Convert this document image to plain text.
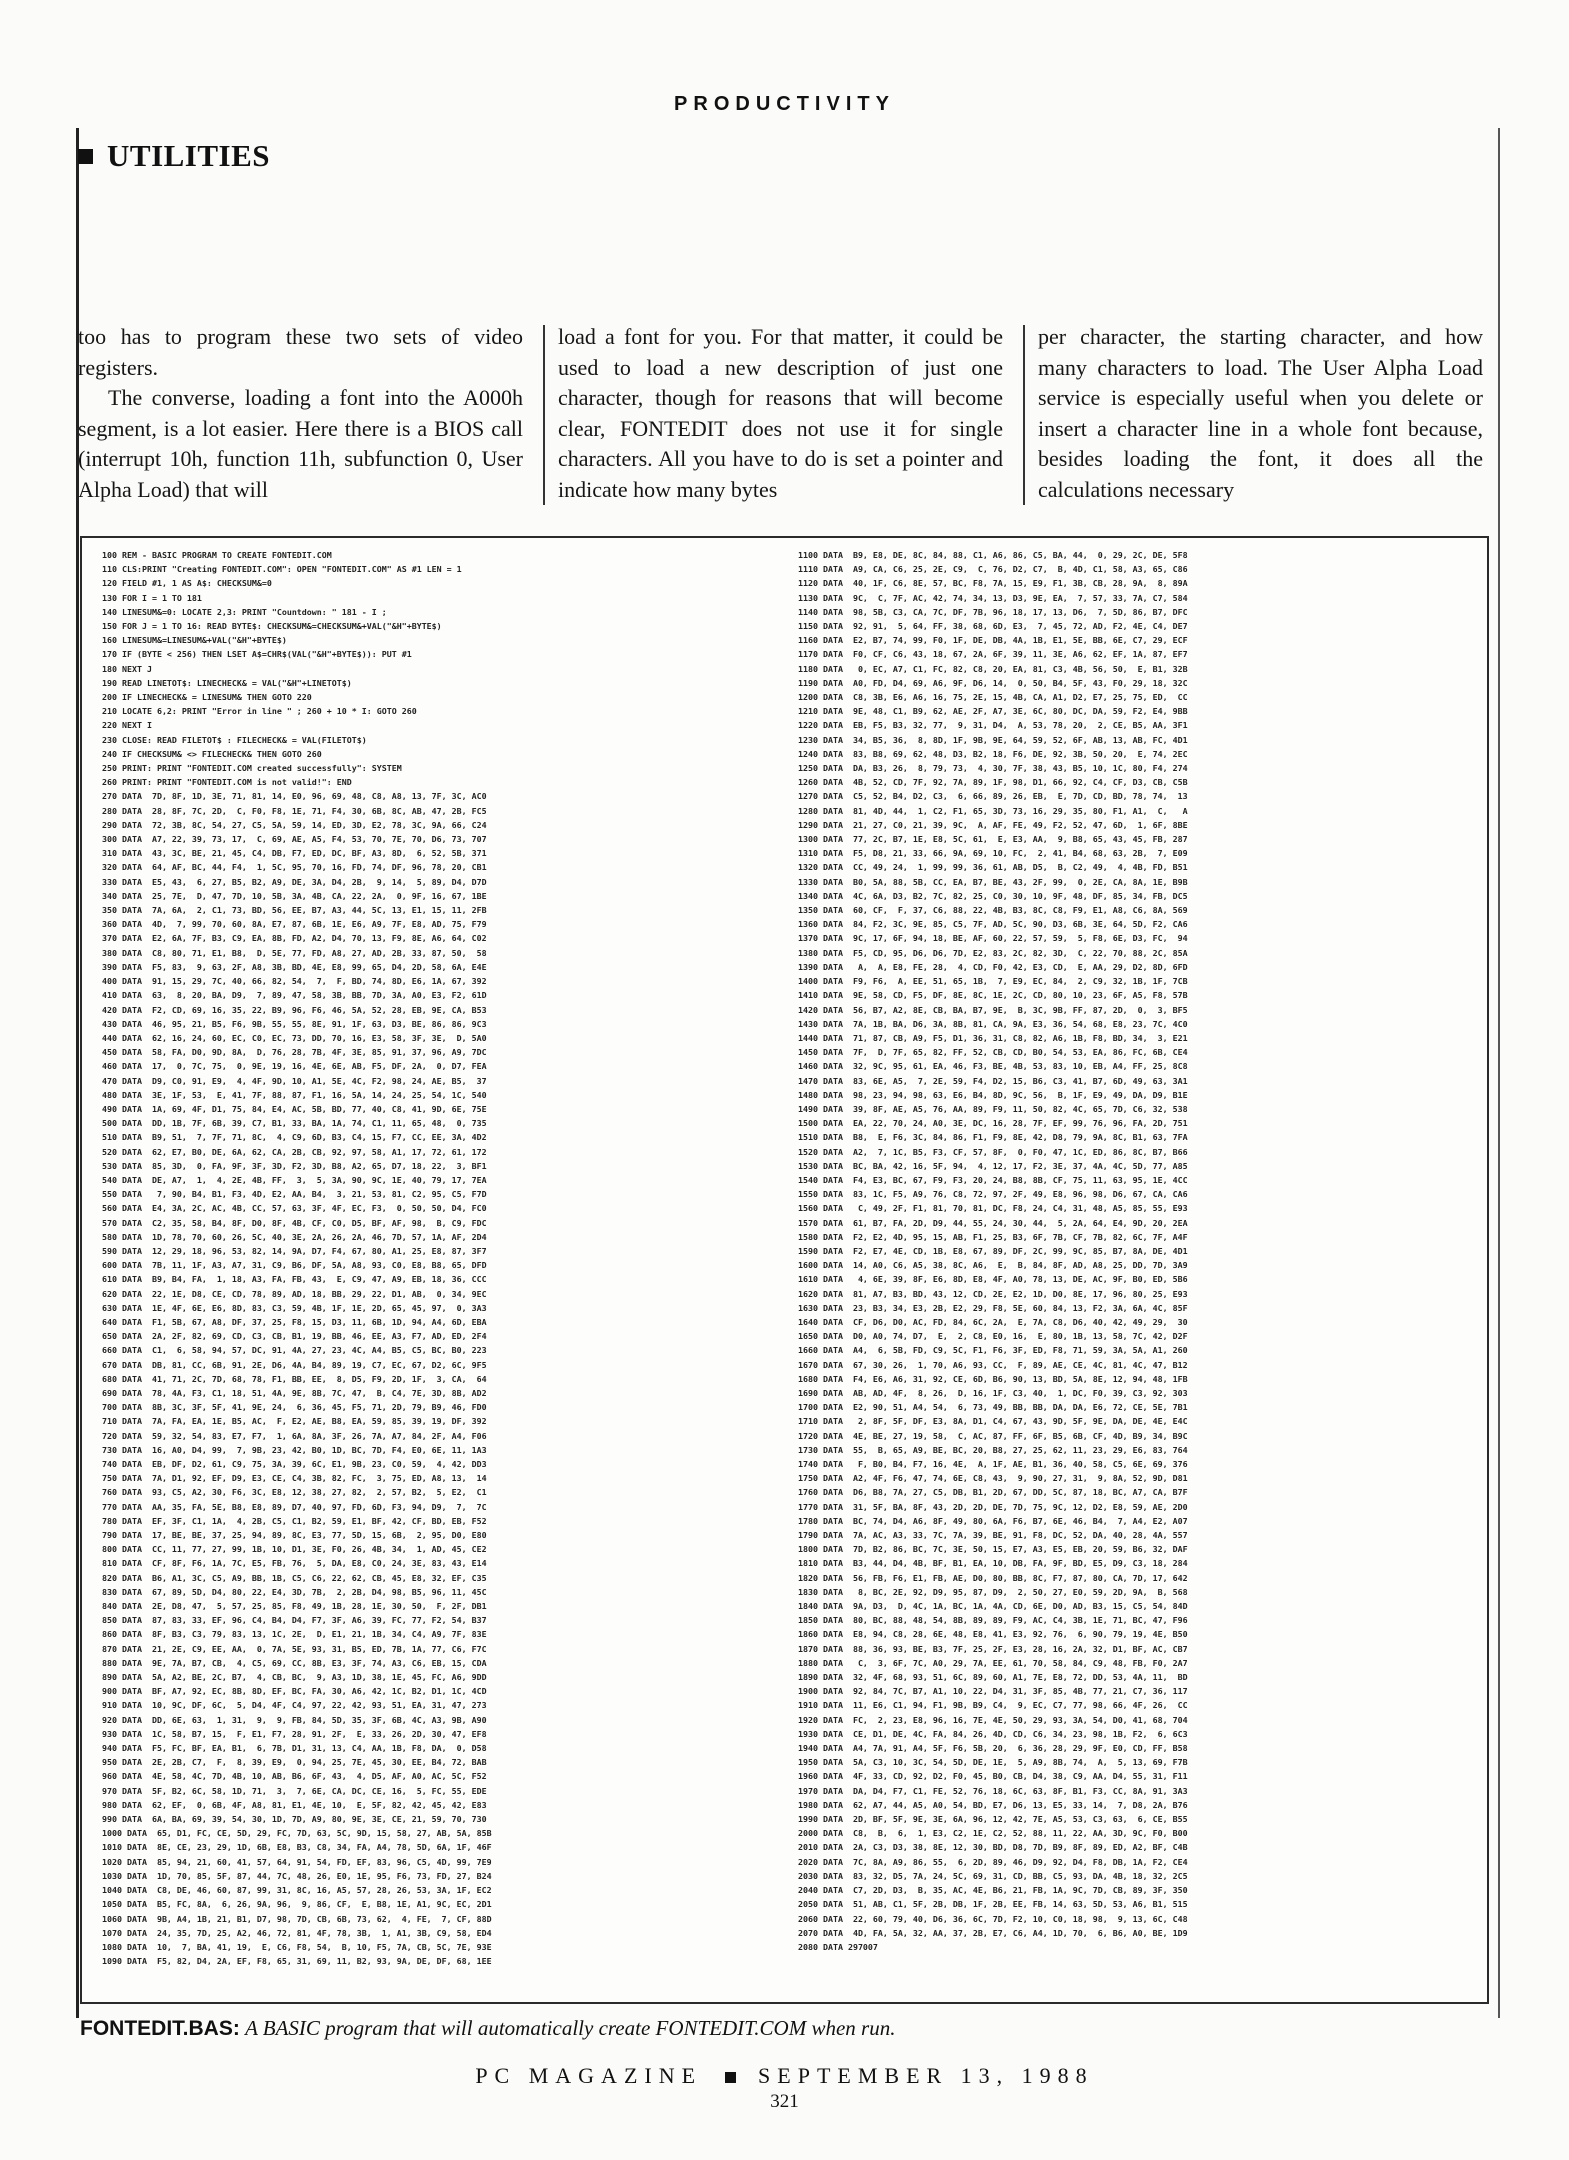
PRODUCTIVITY
UTILITIES

too has to program these two sets of video registers.

The converse, loading a font into the A000h segment, is a lot easier. Here there is a BIOS call (interrupt 10h, function 11h, subfunction 0, User Alpha Load) that will

load a font for you. For that matter, it could be used to load a new description of just one character, though for reasons that will become clear, FONTEDIT does not use it for single characters. All you have to do is set a pointer and indicate how many bytes

per character, the starting character, and how many characters to load. The User Alpha Load service is especially useful when you delete or insert a character line in a whole font because, besides loading the font, it does all the calculations necessary

100 REM - BASIC PROGRAM TO CREATE FONTEDIT.COM
110 CLS:PRINT "Creating FONTEDIT.COM": OPEN "FONTEDIT.COM" AS #1 LEN = 1
120 FIELD #1, 1 AS A$: CHECKSUM&=0
130 FOR I = 1 TO 181
140 LINESUM&=0: LOCATE 2,3: PRINT "Countdown: " 181 - I ;
150 FOR J = 1 TO 16: READ BYTE$: CHECKSUM&=CHECKSUM&+VAL("&H"+BYTE$)
160 LINESUM&=LINESUM&+VAL("&H"+BYTE$)
170 IF (BYTE < 256) THEN LSET A$=CHR$(VAL("&H"+BYTE$)): PUT #1
180 NEXT J
190 READ LINETOT$: LINECHECK& = VAL("&H"+LINETOT$)
200 IF LINECHECK& = LINESUM& THEN GOTO 220
210 LOCATE 6,2: PRINT "Error in line " ; 260 + 10 * I: GOTO 260
220 NEXT I
230 CLOSE: READ FILETOT$ : FILECHECK& = VAL(FILETOT$)
240 IF CHECKSUM& <> FILECHECK& THEN GOTO 260
250 PRINT: PRINT "FONTEDIT.COM created successfully": SYSTEM
260 PRINT: PRINT "FONTEDIT.COM is not valid!": END
270 DATA  7D, 8F, 1D, 3E, 71, 81, 14, E0, 96, 69, 48, C8, A8, 13, 7F, 3C, AC0
280 DATA  28, 8F, 7C, 2D,  C, F0, F8, 1E, 71, F4, 30, 6B, 8C, AB, 47, 2B, FC5
290 DATA  72, 3B, 8C, 54, 27, C5, 5A, 59, 14, ED, 3D, E2, 78, 3C, 9A, 66, C24
300 DATA  A7, 22, 39, 73, 17,  C, 69, AE, A5, F4, 53, 70, 7E, 70, D6, 73, 707
310 DATA  43, 3C, BE, 21, 45, C4, DB, F7, ED, DC, BF, A3, 8D,  6, 52, 5B, 371
320 DATA  64, AF, BC, 44, F4,  1, 5C, 95, 70, 16, FD, 74, DF, 96, 78, 20, CB1
330 DATA  E5, 43,  6, 27, B5, B2, A9, DE, 3A, D4, 2B,  9, 14,  5, 89, D4, D7D
340 DATA  25, 7E,  D, 47, 7D, 10, 5B, 3A, 4B, CA, 22, 2A,  0, 9F, 16, 67, 1BE
350 DATA  7A, 6A,  2, C1, 73, BD, 56, EE, B7, A3, 44, 5C, 13, E1, 15, 11, 2FB
360 DATA  4D,  7, 99, 70, 60, 8A, E7, 87, 6B, 1E, E6, A9, 7F, E8, AD, 75, F79
370 DATA  E2, 6A, 7F, B3, C9, EA, 8B, FD, A2, D4, 70, 13, F9, 8E, A6, 64, C02
380 DATA  C8, 80, 71, E1, B8,  D, 5E, 77, FD, A8, 27, AD, 2B, 33, 87, 50,  58
390 DATA  F5, 83,  9, 63, 2F, A8, 3B, BD, 4E, E8, 99, 65, D4, 2D, 58, 6A, E4E
400 DATA  91, 15, 29, 7C, 40, 66, 82, 54,  7,  F, BD, 74, 8D, E6, 1A, 67, 392
410 DATA  63,  8, 20, BA, D9,  7, 89, 47, 58, 3B, BB, 7D, 3A, A0, E3, F2, 61D
420 DATA  F2, CD, 69, 16, 35, 22, B9, 96, F6, 46, 5A, 52, 28, EB, 9E, CA, B53
430 DATA  46, 95, 21, B5, F6, 9B, 55, 55, 8E, 91, 1F, 63, D3, BE, 86, 86, 9C3
440 DATA  62, 16, 24, 60, EC, C0, EC, 73, DD, 70, 16, E3, 58, 3F, 3E,  D, 5A0
450 DATA  58, FA, D0, 9D, 8A,  D, 76, 28, 7B, 4F, 3E, 85, 91, 37, 96, A9, 7DC
460 DATA  17,  0, 7C, 75,  0, 9E, 19, 16, 4E, 6E, AB, F5, DF, 2A,  0, D7, FEA
470 DATA  D9, C0, 91, E9,  4, 4F, 9D, 10, A1, 5E, 4C, F2, 98, 24, AE, B5,  37
480 DATA  3E, 1F, 53,  E, 41, 7F, 88, 87, F1, 16, 5A, 14, 24, 25, 54, 1C, 540
490 DATA  1A, 69, 4F, D1, 75, 84, E4, AC, 5B, BD, 77, 40, C8, 41, 9D, 6E, 75E
500 DATA  DD, 1B, 7F, 6B, 39, C7, B1, 33, BA, 1A, 74, C1, 11, 65, 48,  0, 735
510 DATA  B9, 51,  7, 7F, 71, 8C,  4, C9, 6D, B3, C4, 15, F7, CC, EE, 3A, 4D2
520 DATA  62, E7, B0, DE, 6A, 62, CA, 2B, CB, 92, 97, 58, A1, 17, 72, 61, 172
530 DATA  85, 3D,  0, FA, 9F, 3F, 3D, F2, 3D, B8, A2, 65, D7, 18, 22,  3, BF1
540 DATA  DE, A7,  1,  4, 2E, 4B, FF,  3,  5, 3A, 90, 9C, 1E, 40, 79, 17, 7EA
550 DATA   7, 90, B4, B1, F3, 4D, E2, AA, B4,  3, 21, 53, 81, C2, 95, C5, F7D
560 DATA  E4, 3A, 2C, AC, 4B, CC, 57, 63, 3F, 4F, EC, F3,  0, 50, 50, D4, FC0
570 DATA  C2, 35, 58, B4, 8F, D0, 8F, 4B, CF, C0, D5, BF, AF, 98,  B, C9, FDC
580 DATA  1D, 78, 70, 60, 26, 5C, 40, 3E, 2A, 26, 2A, 46, 7D, 57, 1A, AF, 2D4
590 DATA  12, 29, 18, 96, 53, 82, 14, 9A, D7, F4, 67, 80, A1, 25, E8, 87, 3F7
600 DATA  7B, 11, 1F, A3, A7, 31, C9, B6, DF, 5A, A8, 93, C0, E8, B8, 65, DFD
610 DATA  B9, B4, FA,  1, 18, A3, FA, FB, 43,  E, C9, 47, A9, EB, 18, 36, CCC
620 DATA  22, 1E, D8, CE, CD, 78, 89, AD, 18, BB, 29, 22, D1, AB,  0, 34, 9EC
630 DATA  1E, 4F, 6E, E6, 8D, 83, C3, 59, 4B, 1F, 1E, 2D, 65, 45, 97,  0, 3A3
640 DATA  F1, 5B, 67, A8, DF, 37, 25, F8, 15, D3, 11, 6B, 1D, 94, A4, 6D, EBA
650 DATA  2A, 2F, 82, 69, CD, C3, CB, B1, 19, BB, 46, EE, A3, F7, AD, ED, 2F4
660 DATA  C1,  6, 58, 94, 57, DC, 91, 4A, 27, 23, 4C, A4, B5, C5, BC, B0, 223
670 DATA  DB, 81, CC, 6B, 91, 2E, D6, 4A, B4, 89, 19, C7, EC, 67, D2, 6C, 9F5
680 DATA  41, 71, 2C, 7D, 68, 78, F1, BB, EE,  8, D5, F9, 2D, 1F,  3, CA,  64
690 DATA  78, 4A, F3, C1, 18, 51, 4A, 9E, 8B, 7C, 47,  B, C4, 7E, 3D, 8B, AD2
700 DATA  8B, 3C, 3F, 5F, 41, 9E, 24,  6, 36, 45, F5, 71, 2D, 79, B9, 46, FD0
710 DATA  7A, FA, EA, 1E, B5, AC,  F, E2, AE, B8, EA, 59, 85, 39, 19, DF, 392
720 DATA  59, 32, 54, 83, E7, F7,  1, 6A, 8A, 3F, 26, 7A, A7, 84, 2F, A4, F06
730 DATA  16, A0, D4, 99,  7, 9B, 23, 42, B0, 1D, BC, 7D, F4, E0, 6E, 11, 1A3
740 DATA  EB, DF, D2, 61, C9, 75, 3A, 39, 6C, E1, 9B, 23, C0, 59,  4, 42, DD3
750 DATA  7A, D1, 92, EF, D9, E3, CE, C4, 3B, 82, FC,  3, 75, ED, A8, 13,  14
760 DATA  93, C5, A2, 30, F6, 3C, E8, 12, 38, 27, 82,  2, 57, B2,  5, E2,  C1
770 DATA  AA, 35, FA, 5E, B8, E8, 89, D7, 40, 97, FD, 6D, F3, 94, D9,  7,  7C
780 DATA  EF, 3F, C1, 1A,  4, 2B, C5, C1, B2, 59, E1, BF, 42, CF, BD, EB, F52
790 DATA  17, BE, BE, 37, 25, 94, 89, 8C, E3, 77, 5D, 15, 6B,  2, 95, D0, E80
800 DATA  CC, 11, 77, 27, 99, 1B, 10, D1, 3E, F0, 26, 4B, 34,  1, AD, 45, CE2
810 DATA  CF, 8F, F6, 1A, 7C, E5, FB, 76,  5, DA, E8, C0, 24, 3E, 83, 43, E14
820 DATA  B6, A1, 3C, C5, A9, BB, 1B, C5, C6, 22, 62, CB, 45, E8, 32, EF, C35
830 DATA  67, 89, 5D, D4, 80, 22, E4, 3D, 7B,  2, 2B, D4, 98, B5, 96, 11, 45C
840 DATA  2E, D8, 47,  5, 57, 25, 85, F8, 49, 1B, 28, 1E, 30, 50,  F, 2F, DB1
850 DATA  87, 83, 33, EF, 96, C4, B4, D4, F7, 3F, A6, 39, FC, 77, F2, 54, B37
860 DATA  8F, B3, C3, 79, 83, 13, 1C, 2E,  D, E1, 21, 1B, 34, C4, A9, 7F, 83E
870 DATA  21, 2E, C9, EE, AA,  0, 7A, 5E, 93, 31, B5, ED, 7B, 1A, 77, C6, F7C
880 DATA  9E, 7A, B7, CB,  4, C5, 69, CC, 8B, E3, 3F, 74, A3, C6, EB, 15, CDA
890 DATA  5A, A2, BE, 2C, B7,  4, CB, BC,  9, A3, 1D, 38, 1E, 45, FC, A6, 9DD
900 DATA  BF, A7, 92, EC, 8B, 8D, EF, BC, FA, 30, A6, 42, 1C, B2, D1, 1C, 4CD
910 DATA  10, 9C, DF, 6C,  5, D4, 4F, C4, 97, 22, 42, 93, 51, EA, 31, 47, 273
920 DATA  DD, 6E, 63,  1, 31,  9,  9, FB, 84, 5D, 35, 3F, 6B, 4C, A3, 9B, A90
930 DATA  1C, 58, B7, 15,  F, E1, F7, 28, 91, 2F,  E, 33, 26, 2D, 30, 47, EF8
940 DATA  F5, FC, BF, EA, B1,  6, 7B, D1, 31, 13, C4, AA, 1B, F8, DA,  0, D58
950 DATA  2E, 2B, C7,  F,  8, 39, E9,  0, 94, 25, 7E, 45, 30, EE, B4, 72, BAB
960 DATA  4E, 58, 4C, 7D, 4B, 10, AB, B6, 6F, 43,  4, D5, AF, A0, AC, 5C, F52
970 DATA  5F, B2, 6C, 58, 1D, 71,  3,  7, 6E, CA, DC, CE, 16,  5, FC, 55, EDE
980 DATA  62, EF,  0, 6B, 4F, A8, 81, E1, 4E, 10,  E, 5F, 82, 42, 45, 42, E83
990 DATA  6A, BA, 69, 39, 54, 30, 1D, 7D, A9, 80, 9E, 3E, CE, 21, 59, 70, 730
1000 DATA  65, D1, FC, CE, 5D, 29, FC, 7D, 63, 5C, 9D, 15, 58, 27, AB, 5A, 85B
1010 DATA  8E, CE, 23, 29, 1D, 6B, E8, B3, C8, 34, FA, A4, 78, 5D, 6A, 1F, 46F
1020 DATA  85, 94, 21, 60, 41, 57, 64, 91, 54, FD, EF, 83, 96, C5, 4D, 99, 7E9
1030 DATA  1D, 70, 85, 5F, 87, 44, 7C, 48, 26, E0, 1E, 95, F6, 73, FD, 27, B24
1040 DATA  C8, DE, 46, 60, 87, 99, 31, 8C, 16, A5, 57, 28, 26, 53, 3A, 1F, EC2
1050 DATA  B5, FC, 8A,  6, 26, 9A, 96,  9, 86, CF,  E, B8, 1E, A1, 9C, EC, 2D1
1060 DATA  9B, A4, 1B, 21, B1, D7, 98, 7D, CB, 6B, 73, 62,  4, FE,  7, CF, 88D
1070 DATA  24, 35, 7D, 25, A2, 46, 72, 81, 4F, 78, 3B,  1, A1, 3B, C9, 58, ED4
1080 DATA  10,  7, BA, 41, 19,  E, C6, F8, 54,  B, 10, F5, 7A, CB, 5C, 7E, 93E
1090 DATA  F5, 82, D4, 2A, EF, F8, 65, 31, 69, 11, B2, 93, 9A, DE, DF, 68, 1EE
1100 DATA  B9, E8, DE, 8C, 84, 88, C1, A6, 86, C5, BA, 44,  0, 29, 2C, DE, 5F8
1110 DATA  A9, CA, C6, 25, 2E, C9,  C, 76, D2, C7,  B, 4D, C1, 58, A3, 65, C86
1120 DATA  40, 1F, C6, 8E, 57, BC, F8, 7A, 15, E9, F1, 3B, CB, 28, 9A,  8, 89A
1130 DATA  9C,  C, 7F, AC, 42, 74, 34, 13, D3, 9E, EA,  7, 57, 33, 7A, C7, 584
1140 DATA  98, 5B, C3, CA, 7C, DF, 7B, 96, 18, 17, 13, D6,  7, 5D, 86, B7, DFC
1150 DATA  92, 91,  5, 64, FF, 38, 68, 6D, E3,  7, 45, 72, AD, F2, 4E, C4, DE7
1160 DATA  E2, B7, 74, 99, F0, 1F, DE, DB, 4A, 1B, E1, 5E, BB, 6E, C7, 29, ECF
1170 DATA  F0, CF, C6, 43, 18, 67, 2A, 6F, 39, 11, 3E, A6, 62, EF, 1A, 87, EF7
1180 DATA   0, EC, A7, C1, FC, 82, C8, 20, EA, 81, C3, 4B, 56, 50,  E, B1, 32B
1190 DATA  A0, FD, D4, 69, A6, 9F, D6, 14,  0, 50, B4, 5F, 43, F0, 29, 18, 32C
1200 DATA  C8, 3B, E6, A6, 16, 75, 2E, 15, 4B, CA, A1, D2, E7, 25, 75, ED,  CC
1210 DATA  9E, 48, C1, B9, 62, AE, 2F, A7, 3E, 6C, 80, DC, DA, 59, F2, E4, 9BB
1220 DATA  EB, F5, B3, 32, 77,  9, 31, D4,  A, 53, 78, 20,  2, CE, B5, AA, 3F1
1230 DATA  34, B5, 36,  8, 8D, 1F, 9B, 9E, 64, 59, 52, 6F, AB, 13, AB, FC, 4D1
1240 DATA  83, B8, 69, 62, 48, D3, B2, 18, F6, DE, 92, 3B, 50, 20,  E, 74, 2EC
1250 DATA  DA, B3, 26,  8, 79, 73,  4, 30, 7F, 38, 43, B5, 10, 1C, 80, F4, 274
1260 DATA  4B, 52, CD, 7F, 92, 7A, 89, 1F, 98, D1, 66, 92, C4, CF, D3, CB, C5B
1270 DATA  C5, 52, B4, D2, C3,  6, 66, 89, 26, EB,  E, 7D, CD, BD, 78, 74,  13
1280 DATA  81, 4D, 44,  1, C2, F1, 65, 3D, 73, 16, 29, 35, 80, F1, A1,  C,   A
1290 DATA  21, 27, C0, 21, 39, 9C,  A, AF, FE, 49, F2, 52, 47, 6D,  1, 6F, 8BE
1300 DATA  77, 2C, B7, 1E, E8, 5C, 61,  E, E3, AA,  9, B8, 65, 43, 45, FB, 287
1310 DATA  F5, D8, 21, 33, 66, 9A, 69, 10, FC,  2, 41, B4, 68, 63, 2B,  7, E09
1320 DATA  CC, 49, 24,  1, 99, 99, 36, 61, AB, D5,  B, C2, 49,  4, 4B, FD, B51
1330 DATA  B0, 5A, 88, 5B, CC, EA, B7, BE, 43, 2F, 99,  0, 2E, CA, 8A, 1E, B9B
1340 DATA  4C, 6A, D3, B2, 7C, 82, 25, C0, 30, 10, 9F, 48, DF, 85, 34, FB, DC5
1350 DATA  60, CF,  F, 37, C6, 88, 22, 4B, B3, 8C, C8, F9, E1, A8, C6, 8A, 569
1360 DATA  84, F2, 3C, 9E, 85, C5, 7F, AD, 5C, 90, D3, 6B, 3E, 64, 5D, F2, CA6
1370 DATA  9C, 17, 6F, 94, 18, BE, AF, 60, 22, 57, 59,  5, F8, 6E, D3, FC,  94
1380 DATA  F5, CD, 95, D6, D6, 7D, E2, 83, 2C, 82, 3D,  C, 22, 70, 88, 2C, 85A
1390 DATA   A,  A, E8, FE, 28,  4, CD, F0, 42, E3, CD,  E, AA, 29, D2, 8D, 6FD
1400 DATA  F9, F6,  A, EE, 51, 65, 1B,  7, E9, EC, 84,  2, C9, 32, 1B, 1F, 7CB
1410 DATA  9E, 58, CD, F5, DF, 8E, 8C, 1E, 2C, CD, 80, 10, 23, 6F, A5, F8, 57B
1420 DATA  56, B7, A2, 8E, CB, BA, B7, 9E,  B, 3C, 9B, FF, 87, 2D,  0,  3, BF5
1430 DATA  7A, 1B, BA, D6, 3A, 8B, 81, CA, 9A, E3, 36, 54, 68, E8, 23, 7C, 4C0
1440 DATA  71, 87, CB, A9, F5, D1, 36, 31, C8, 82, A6, 1B, F8, BD, 34,  3, E21
1450 DATA  7F,  D, 7F, 65, 82, FF, 52, CB, CD, B0, 54, 53, EA, 86, FC, 6B, CE4
1460 DATA  32, 9C, 95, 61, EA, 46, F3, BE, 4B, 53, 83, 10, EB, A4, FF, 25, 8C8
1470 DATA  83, 6E, A5,  7, 2E, 59, F4, D2, 15, B6, C3, 41, B7, 6D, 49, 63, 3A1
1480 DATA  98, 23, 94, 98, 63, E6, B4, 8D, 9C, 56,  B, 1F, E9, 49, DA, D9, B1E
1490 DATA  39, 8F, AE, A5, 76, AA, 89, F9, 11, 50, 82, 4C, 65, 7D, C6, 32, 538
1500 DATA  EA, 22, 70, 24, A0, 3E, DC, 16, 28, 7F, EF, 99, 76, 96, FA, 2D, 751
1510 DATA  B8,  E, F6, 3C, 84, 86, F1, F9, 8E, 42, D8, 79, 9A, 8C, B1, 63, 7FA
1520 DATA  A2,  7, 1C, B5, F3, CF, 57, 8F,  0, F0, 47, 1C, ED, 86, 8C, B7, B66
1530 DATA  BC, BA, 42, 16, 5F, 94,  4, 12, 17, F2, 3E, 37, 4A, 4C, 5D, 77, A85
1540 DATA  F4, E3, BC, 67, F9, F3, 20, 24, B8, 8B, CF, 75, 11, 63, 95, 1E, 4CC
1550 DATA  83, 1C, F5, A9, 76, C8, 72, 97, 2F, 49, E8, 96, 98, D6, 67, CA, CA6
1560 DATA   C, 49, 2F, F1, 81, 70, 81, DC, F8, 24, C4, 31, 48, A5, 85, 55, E93
1570 DATA  61, B7, FA, 2D, D9, 44, 55, 24, 30, 44,  5, 2A, 64, E4, 9D, 20, 2EA
1580 DATA  F2, E2, 4D, 95, 15, AB, F1, 25, B3, 6F, 7B, CF, 7B, 82, 6C, 7F, A4F
1590 DATA  F2, E7, 4E, CD, 1B, E8, 67, 89, DF, 2C, 99, 9C, 85, B7, 8A, DE, 4D1
1600 DATA  14, A0, C6, A5, 38, 8C, A6,  E,  B, 84, 8F, AD, A8, 25, DD, 7D, 3A9
1610 DATA   4, 6E, 39, 8F, E6, 8D, E8, 4F, A0, 78, 13, DE, AC, 9F, B0, ED, 5B6
1620 DATA  81, A7, B3, BD, 43, 12, CD, 2E, E2, 1D, D0, 8E, 17, 96, 80, 25, E93
1630 DATA  23, B3, 34, E3, 2B, E2, 29, F8, 5E, 60, 84, 13, F2, 3A, 6A, 4C, 85F
1640 DATA  CF, D6, D0, AC, FD, 84, 6C, 2A,  E, 7A, C8, D6, 40, 42, 49, 29,  30
1650 DATA  D0, A0, 74, D7,  E,  2, C8, E0, 16,  E, 80, 1B, 13, 58, 7C, 42, D2F
1660 DATA  A4,  6, 5B, FD, C9, 5C, F1, F6, 3F, ED, F8, 71, 59, 3A, 5A, A1, 260
1670 DATA  67, 30, 26,  1, 70, A6, 93, CC,  F, 89, AE, CE, 4C, 81, 4C, 47, B12
1680 DATA  F4, E6, A6, 31, 92, CE, 6D, B6, 90, 13, BD, 5A, 8E, 12, 94, 48, 1FB
1690 DATA  AB, AD, 4F,  8, 26,  D, 16, 1F, C3, 40,  1, DC, F0, 39, C3, 92, 303
1700 DATA  E2, 90, 51, A4, 54,  6, 73, 49, BB, BB, DA, DA, E6, 72, CE, 5E, 7B1
1710 DATA   2, 8F, 5F, DF, E3, 8A, D1, C4, 67, 43, 9D, 5F, 9E, DA, DE, 4E, E4C
1720 DATA  4E, BE, 27, 19, 58,  C, AC, 87, FF, 6F, B5, 6B, CF, 4D, B9, 34, B9C
1730 DATA  55,  B, 65, A9, BE, BC, 20, B8, 27, 25, 62, 11, 23, 29, E6, 83, 764
1740 DATA   F, B0, B4, F7, 16, 4E,  A, 1F, AE, B1, 36, 40, 58, C5, 6E, 69, 376
1750 DATA  A2, 4F, F6, 47, 74, 6E, C8, 43,  9, 90, 27, 31,  9, 8A, 52, 9D, D81
1760 DATA  D6, B8, 7A, 27, C5, DB, B1, 2D, 67, DD, 5C, 87, 18, BC, A7, CA, B7F
1770 DATA  31, 5F, BA, 8F, 43, 2D, 2D, DE, 7D, 75, 9C, 12, D2, E8, 59, AE, 2D0
1780 DATA  BC, 74, D4, A6, 8F, 49, 80, 6A, F6, B7, 6E, 46, B4,  7, A4, E2, A07
1790 DATA  7A, AC, A3, 33, 7C, 7A, 39, BE, 91, F8, DC, 52, DA, 40, 28, 4A, 557
1800 DATA  7D, B2, 86, BC, 7C, 3E, 50, 15, E7, A3, E5, EB, 20, 59, B6, 32, DAF
1810 DATA  B3, 44, D4, 4B, BF, B1, EA, 10, DB, FA, 9F, BD, E5, D9, C3, 18, 284
1820 DATA  56, FB, F6, E1, FB, AE, D0, 80, BB, 8C, F7, 87, 80, CA, 7D, 17, 642
1830 DATA   8, BC, 2E, 92, D9, 95, 87, D9,  2, 50, 27, E0, 59, 2D, 9A,  B, 568
1840 DATA  9A, D3,  D, 4C, 1A, BC, 1A, 4A, CD, 6E, D0, AD, B3, 15, C5, 54, 84D
1850 DATA  80, BC, 88, 48, 54, 8B, 89, 89, F9, AC, C4, 3B, 1E, 71, BC, 47, F96
1860 DATA  E8, 94, C8, 28, 6E, 48, E8, 41, E3, 92, 76,  6, 90, 79, 19, 4E, B50
1870 DATA  88, 36, 93, BE, B3, 7F, 25, 2F, E3, 28, 16, 2A, 32, D1, BF, AC, CB7
1880 DATA   C,  3, 6F, 7C, A0, 29, 7A, EE, 61, 70, 58, 84, C9, 48, FB, F0, 2A7
1890 DATA  32, 4F, 68, 93, 51, 6C, 89, 60, A1, 7E, E8, 72, DD, 53, 4A, 11,  BD
1900 DATA  92, 84, 7C, B7, A1, 10, 22, D4, 31, 3F, 85, 4B, 77, 21, C7, 36, 117
1910 DATA  11, E6, C1, 94, F1, 9B, B9, C4,  9, EC, C7, 77, 98, 66, 4F, 26,  CC
1920 DATA  FC,  2, 23, E8, 96, 16, 7E, 4E, 50, 29, 93, 3A, 54, D0, 41, 68, 704
1930 DATA  CE, D1, DE, 4C, FA, 84, 26, 4D, CD, C6, 34, 23, 98, 1B, F2,  6, 6C3
1940 DATA  A4, 7A, 91, A4, 5F, F6, 5B, 20,  6, 36, 28, 29, 9F, E0, CD, FF, B58
1950 DATA  5A, C3, 10, 3C, 54, 5D, DE, 1E,  5, A9, 8B, 74,  A,  5, 13, 69, F7B
1960 DATA  4F, 33, CD, 92, D2, F0, 45, B0, CB, D4, 38, C9, AA, D4, 55, 31, F11
1970 DATA  DA, D4, F7, C1, FE, 52, 76, 18, 6C, 63, 8F, B1, F3, CC, 8A, 91, 3A3
1980 DATA  62, A7, 44, A5, A0, 54, BD, E7, D6, 13, E5, 33, 14,  7, D8, 2A, B76
1990 DATA  2D, BF, 5F, 9E, 3E, 6A, 96, 12, 42, 7E, A5, 53, C3, 63,  6, CE, B55
2000 DATA  C8,  B,  6,  1, E3, C2, 1E, C2, 52, 88, 11, 22, AA, 3D, 9C, F0, B00
2010 DATA  2A, C3, D3, 38, 8E, 12, 30, BD, D8, 7D, B9, 8F, 89, ED, A2, BF, C4B
2020 DATA  7C, 8A, A9, 86, 55,  6, 2D, 89, 46, D9, 92, D4, F8, DB, 1A, F2, CE4
2030 DATA  83, 32, D5, 7A, 24, 5C, 69, 31, CD, BB, C5, 93, DA, 4B, 18, 32, 2C5
2040 DATA  C7, 2D, D3,  B, 35, AC, 4E, B6, 21, FB, 1A, 9C, 7D, CB, 89, 3F, 350
2050 DATA  51, AB, C1, 5F, 2B, DB, 1F, 2B, EE, FB, 14, 63, 5D, 53, A6, B1, 515
2060 DATA  22, 60, 79, 40, D6, 36, 6C, 7D, F2, 10, C0, 18, 98,  9, 13, 6C, C48
2070 DATA  4D, FA, 5A, 32, AA, 37, 2B, E7, C6, A4, 1D, 70,  6, B6, A0, BE, 1D9
2080 DATA 297007
FONTEDIT.BAS: A BASIC program that will automatically create FONTEDIT.COM when run.
PC MAGAZINE	SEPTEMBER 13, 1988
321
